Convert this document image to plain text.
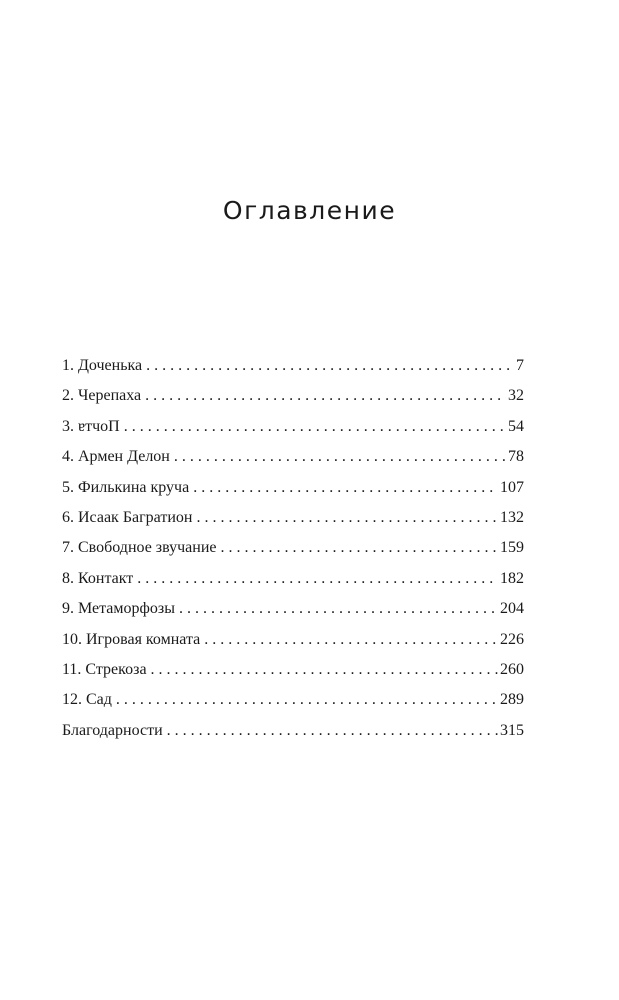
Оглавление
1. Доченька . . .	7
2. Черепаха . . .	32
3. ɐтчоП . . .	54
4. Армен Делон . . .	78
5. Филькина круча . . .	107
6. Исаак Багратион . . .	132
7. Свободное звучание . . .	159
8. Контакт . . .	182
9. Метаморфозы . . .	204
10. Игровая комната . . .	226
11. Стрекоза . . .	260
12. Сад . . .	289
Благодарности . . .	315
